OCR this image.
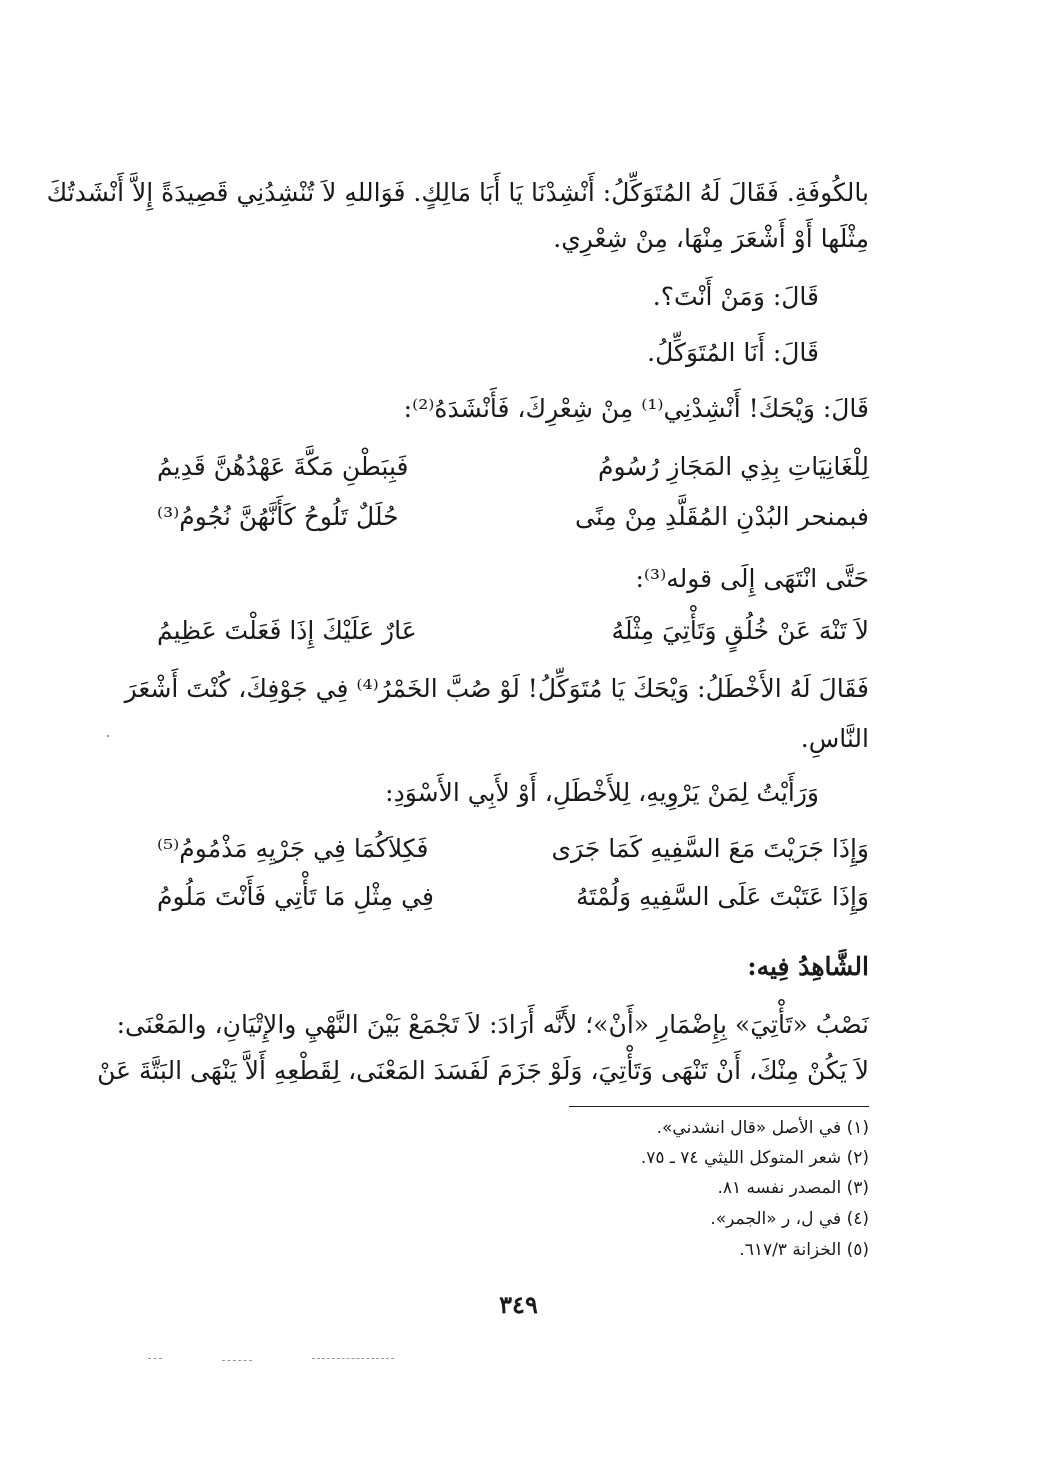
بالكُوفَةِ. فَقَالَ لَهُ المُتَوَكِّلُ: أَنْشِدْنَا يَا أَبَا مَالِكٍ. فَوَاللهِ لاَ تُنْشِدُنِي قَصِيدَةً إِلاَّ أَنْشَدتُكَ
مِثْلَها أَوْ أَشْعَرَ مِنْهَا، مِنْ شِعْرِي.
قَالَ: وَمَنْ أَنْتَ؟.
قَالَ: أَنَا المُتَوَكِّلُ.
قَالَ: وَيْحَكَ! أَنْشِدْنِي⁽¹⁾ مِنْ شِعْرِكَ، فَأَنْشَدَهُ⁽²⁾:
لِلْغَانِيَاتِ بِذِي المَجَازِ رُسُومُ
فَبِبَطْنِ مَكَّةَ عَهْدُهُنَّ قَدِيمُ
فبمنحر البُدْنِ المُقَلَّدِ مِنْ مِنًى
حُلَلٌ تَلُوحُ كَأَنَّهُنَّ نُجُومُ⁽³⁾
حَتَّى انْتَهَى إِلَى قوله⁽³⁾:
لاَ تَنْهَ عَنْ خُلُقٍ وَتَأْتِيَ مِثْلَهُ
عَارٌ عَلَيْكَ إِذَا فَعَلْتَ عَظِيمُ
فَقَالَ لَهُ الأَخْطَلُ: وَيْحَكَ يَا مُتَوَكِّلُ! لَوْ صُبَّ الخَمْرُ⁽⁴⁾ فِي جَوْفِكَ، كُنْتَ أَشْعَرَ
النَّاسِ.
وَرَأَيْتُ لِمَنْ يَرْوِيهِ، لِلأَخْطَلِ، أَوْ لأَبِي الأَسْوَدِ:
وَإِذَا جَرَيْتَ مَعَ السَّفِيهِ كَمَا جَرَى
فَكِلاَكُمَا فِي جَرْيِهِ مَذْمُومُ⁽⁵⁾
وَإِذَا عَتَبْتَ عَلَى السَّفِيهِ وَلُمْتَهُ
فِي مِثْلِ مَا تَأْتِي فَأَنْتَ مَلُومُ
الشَّاهِدُ فِيه:
نَصْبُ «تَأْتِيَ» بِإِضْمَارِ «أَنْ»؛ لأَنَّه أَرَادَ: لاَ تَجْمَعْ بَيْنَ النَّهْيِ والإِتْيَانِ، والمَعْنَى:
لاَ يَكُنْ مِنْكَ، أَنْ تَنْهَى وَتَأْتِيَ، وَلَوْ جَزَمَ لَفَسَدَ المَعْنَى، لِقَطْعِهِ أَلاَّ يَنْهَى البَتَّةَ عَنْ
(١) في الأصل «قال انشدني».
(٢) شعر المتوكل الليثي ٧٤ ـ ٧٥.
(٣) المصدر نفسه ٨١.
(٤) في ل، ر «الجمر».
(٥) الخزانة ٦١٧/٣.
٣٤٩
